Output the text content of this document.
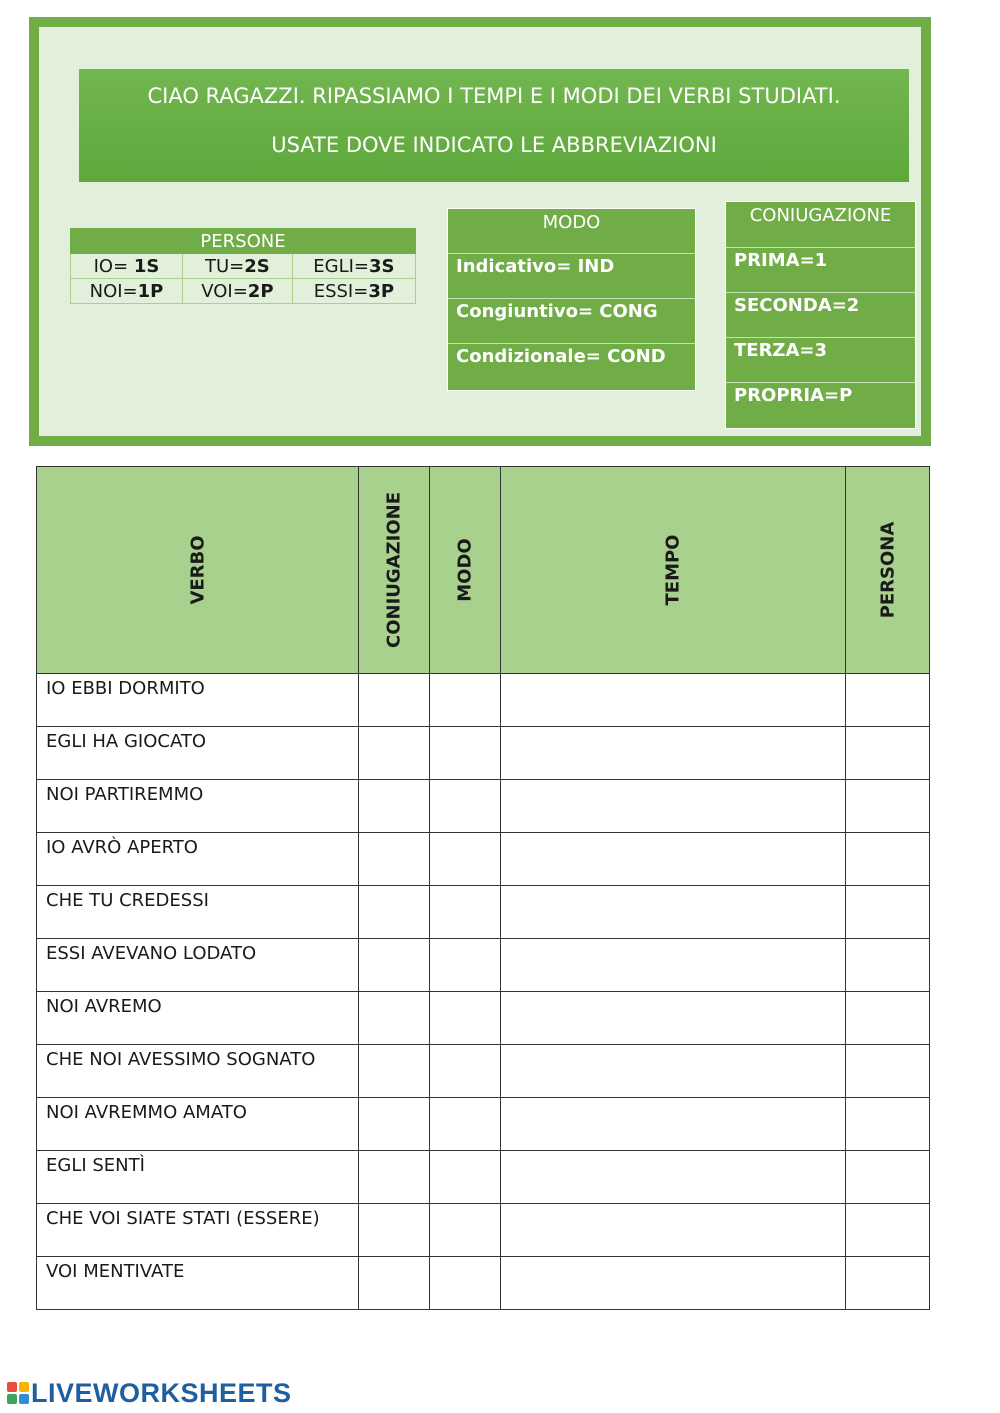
CIAO RAGAZZI. RIPASSIAMO I TEMPI E I MODI DEI VERBI STUDIATI.
USATE DOVE INDICATO LE ABBREVIAZIONI
PERSONE		
IO= 1S	TU=2S	EGLI=3S
NOI=1P	VOI=2P	ESSI=3P
MODO
Indicativo= IND
Congiuntivo= CONG
Condizionale= COND
CONIUGAZIONE
PRIMA=1
SECONDA=2
TERZA=3
PROPRIA=P
VERBO	CONIUGAZIONE	MODO	TEMPO	PERSONA

IO EBBI DORMITO				
EGLI HA GIOCATO				
NOI PARTIREMMO				
IO AVRÒ APERTO				
CHE TU CREDESSI				
ESSI AVEVANO LODATO				
NOI AVREMO				
CHE NOI AVESSIMO SOGNATO				
NOI AVREMMO AMATO				
EGLI SENTÌ				
CHE VOI SIATE STATI (ESSERE)				
VOI MENTIVATE				
LIVEWORKSHEETS
